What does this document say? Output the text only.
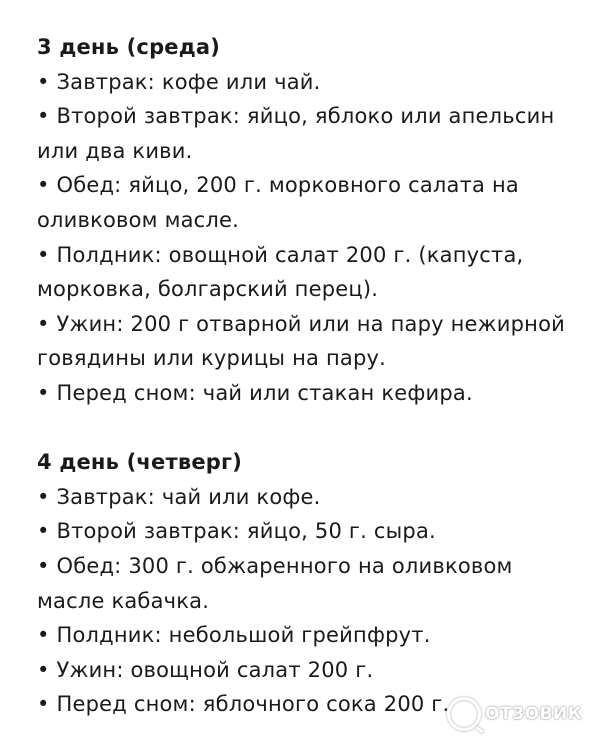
3 день (среда)

• Завтрак: кофе или чай.

• Второй завтрак: яйцо, яблоко или апельсин или два киви.

• Обед: яйцо, 200 г. морковного салата на оливковом масле.

• Полдник: овощной салат 200 г. (капуста, морковка, болгарский перец).

• Ужин: 200 г отварной или на пару нежирной говядины или курицы на пару.

• Перед сном: чай или стакан кефира.

4 день (четверг)

• Завтрак: чай или кофе.

• Второй завтрак: яйцо, 50 г. сыра.

• Обед: 300 г. обжаренного на оливковом масле кабачка.

• Полдник: небольшой грейпфрут.

• Ужин: овощной салат 200 г.

• Перед сном: яблочного сока 200 г.	ОТЗОВИК
